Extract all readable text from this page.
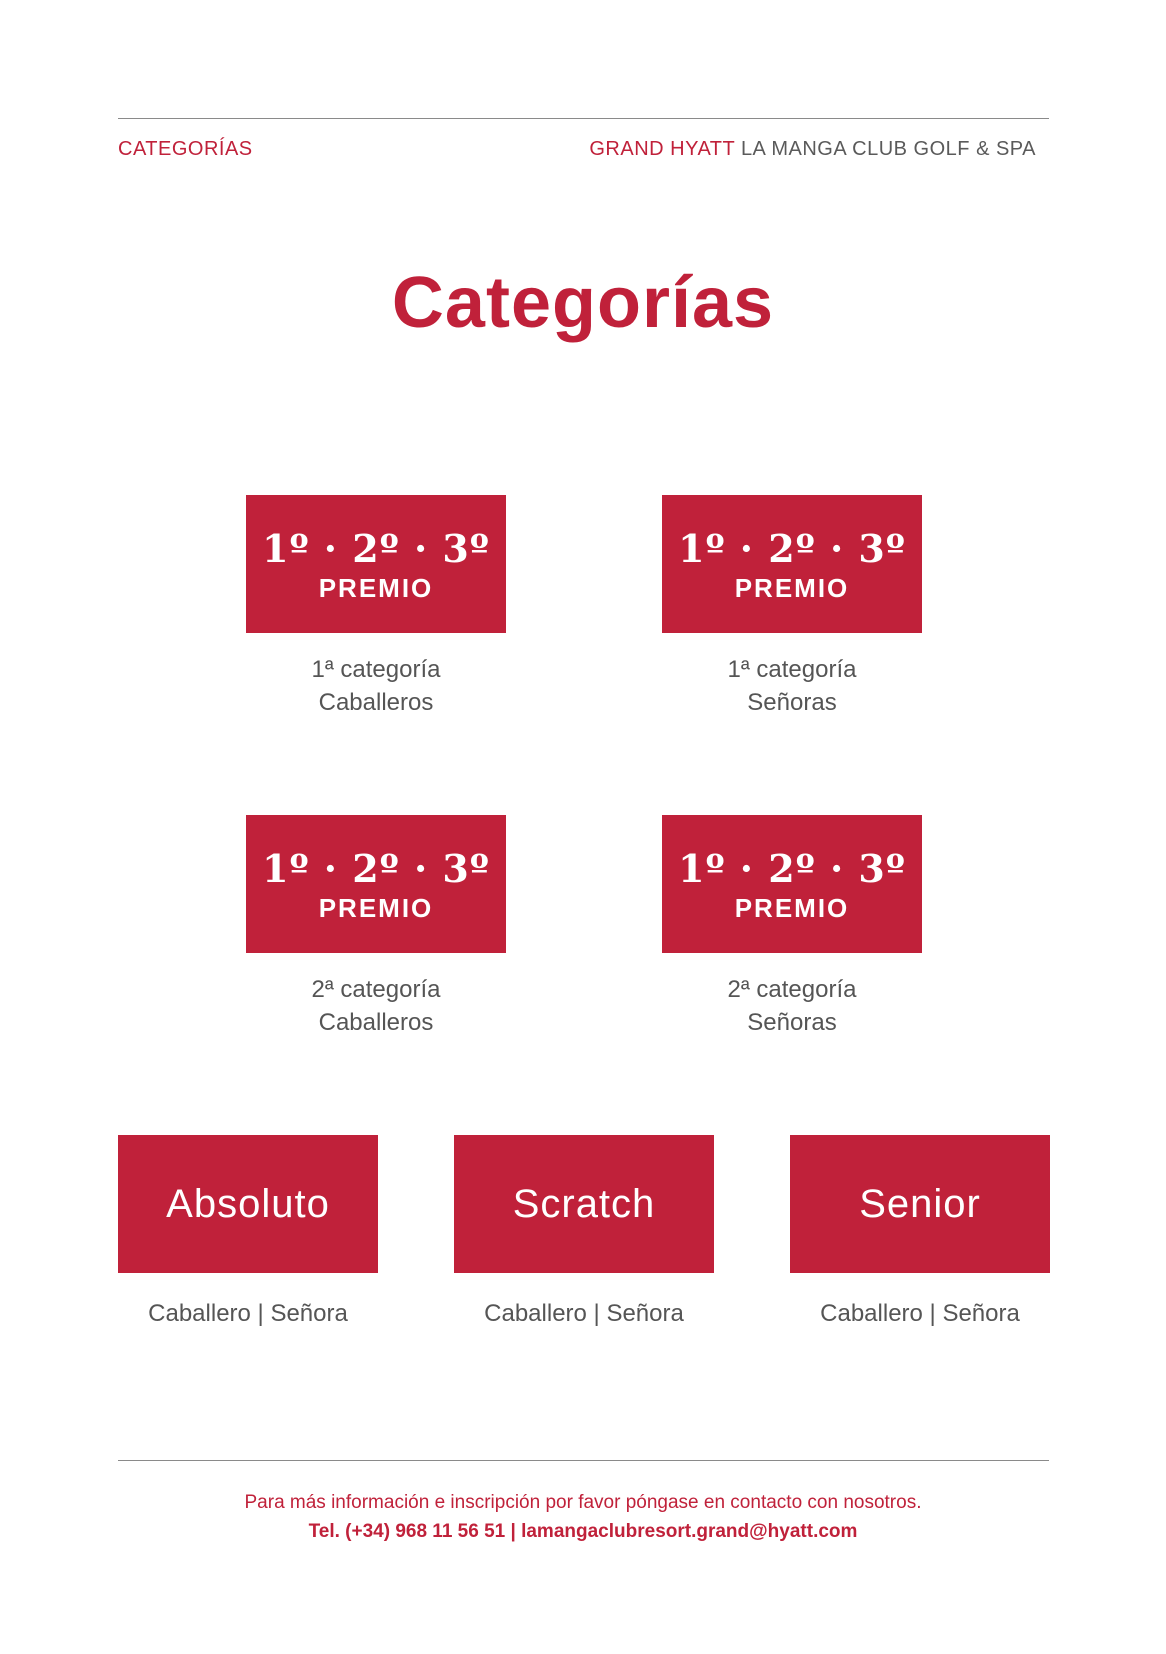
CATEGORÍAS	GRAND HYATT LA MANGA CLUB GOLF & SPA
Categorías
1º · 2º · 3º
PREMIO
1ª categoría
Caballeros
1º · 2º · 3º
PREMIO
1ª categoría
Señoras
1º · 2º · 3º
PREMIO
2ª categoría
Caballeros
1º · 2º · 3º
PREMIO
2ª categoría
Señoras
Absoluto
Caballero | Señora
Scratch
Caballero | Señora
Senior
Caballero | Señora
Para más información e inscripción por favor póngase en contacto con nosotros.
Tel. (+34) 968 11 56 51 | lamangaclubresort.grand@hyatt.com
